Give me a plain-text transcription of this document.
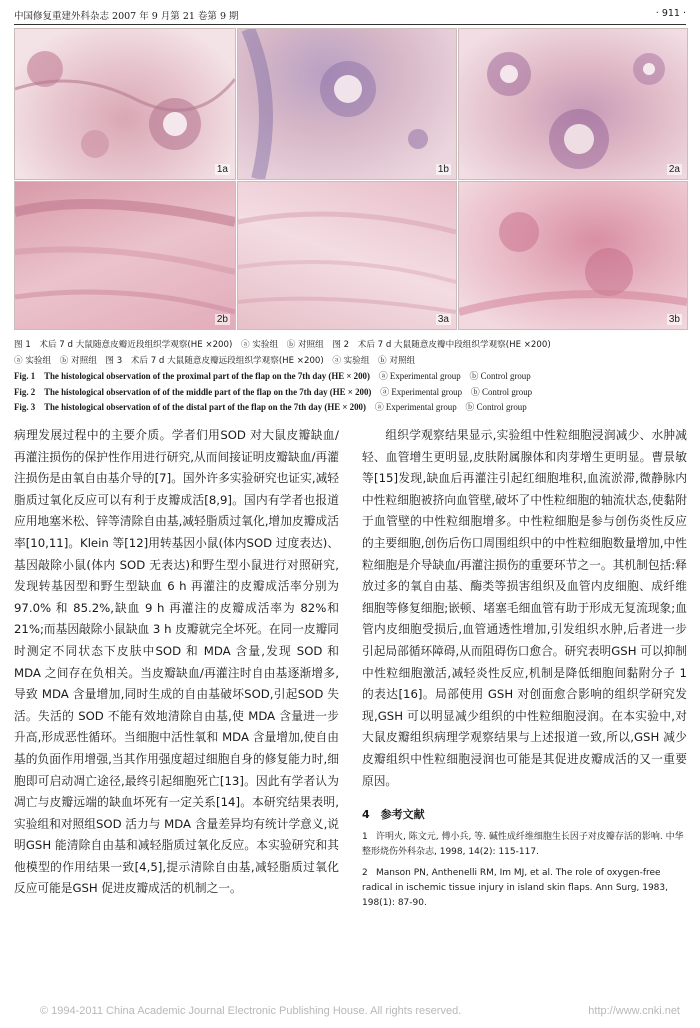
中国修复重建外科杂志 2007 年 9 月第 21 卷第 9 期	· 911 ·
1a	1b	2a
2b	3a	3b
图 1　术后 7 d 大鼠随意皮瓣近段组织学观察(HE ×200)　ⓐ 实验组　ⓑ 对照组　图 2　术后 7 d 大鼠随意皮瓣中段组织学观察(HE ×200)
ⓐ 实验组　ⓑ 对照组　图 3　术后 7 d 大鼠随意皮瓣远段组织学观察(HE ×200)　ⓐ 实验组　ⓑ 对照组
Fig. 1　The histological observation of the proximal part of the flap on the 7th day (HE × 200)　 ⓐ Experimental group　ⓑ Control group
Fig. 2　The histological observation of of the middle part of the flap on the 7th day (HE × 200)　 ⓐ Experimental group　ⓑ Control group
Fig. 3　The histological observation of of the distal part of the flap on the 7th day (HE × 200)　 ⓐ Experimental group　ⓑ Control group

病理发展过程中的主要介质。学者们用SOD 对大鼠皮瓣缺血/再灌注损伤的保护性作用进行研究,从而间接证明皮瓣缺血/再灌注损伤是由氧自由基介导的[7]。国外许多实验研究也证实,减轻脂质过氧化反应可以有利于皮瓣成活[8,9]。国内有学者也报道应用地塞米松、锌等清除自由基,减轻脂质过氧化,增加皮瓣成活率[10,11]。Klein 等[12]用转基因小鼠(体内SOD 过度表达)、基因敲除小鼠(体内 SOD 无表达)和野生型小鼠进行对照研究,发现转基因型和野生型缺血 6 h 再灌注的皮瓣成活率分别为 97.0% 和 85.2%,缺血 9 h 再灌注的皮瓣成活率为 82%和 21%;而基因敲除小鼠缺血 3 h 皮瓣就完全坏死。在同一皮瓣同时测定不同状态下皮肤中SOD 和 MDA 含量,发现 SOD 和 MDA 之间存在负相关。当皮瓣缺血/再灌注时自由基逐渐增多,导致 MDA 含量增加,同时生成的自由基破坏SOD,引起SOD 失活。失活的 SOD 不能有效地清除自由基,使 MDA 含量进一步升高,形成恶性循环。当细胞中活性氧和 MDA 含量增加,使自由基的负面作用增强,当其作用强度超过细胞自身的修复能力时,细胞即可启动凋亡途径,最终引起细胞死亡[13]。因此有学者认为凋亡与皮瓣远端的缺血坏死有一定关系[14]。本研究结果表明,实验组和对照组SOD 活力与 MDA 含量差异均有统计学意义,说明GSH 能清除自由基和减轻脂质过氧化反应。本实验研究和其他模型的作用结果一致[4,5],提示清除自由基,减轻脂质过氧化反应可能是GSH 促进皮瓣成活的机制之一。

组织学观察结果显示,实验组中性粒细胞浸润减少、水肿减轻、血管增生更明显,皮肤附属腺体和肉芽增生更明显。曹景敏等[15]发现,缺血后再灌注引起红细胞堆积,血流淤滞,微静脉内中性粒细胞被挤向血管壁,破坏了中性粒细胞的轴流状态,使黏附于血管壁的中性粒细胞增多。中性粒细胞是参与创伤炎性反应的主要细胞,创伤后伤口周围组织中的中性粒细胞数量增加,中性粒细胞是介导缺血/再灌注损伤的重要环节之一。其机制包括:释放过多的氧自由基、酶类等损害组织及血管内皮细胞、成纤维细胞等修复细胞;嵌顿、堵塞毛细血管有助于形成无复流现象;血管内皮细胞受损后,血管通透性增加,引发组织水肿,后者进一步引起局部循环障碍,从而阻碍伤口愈合。研究表明GSH 可以抑制中性粒细胞激活,减轻炎性反应,机制是降低细胞间黏附分子 1 的表达[16]。局部使用 GSH 对创面愈合影响的组织学研究发现,GSH 可以明显减少组织的中性粒细胞浸润。在本实验中,对大鼠皮瓣组织病理学观察结果与上述报道一致,所以,GSH 减少皮瓣组织中性粒细胞浸润也可能是其促进皮瓣成活的又一重要原因。

4　参考文献
1 许明火, 陈文元, 傅小兵, 等. 碱性成纤维细胞生长因子对皮瓣存活的影响. 中华整形烧伤外科杂志, 1998, 14(2): 115-117.
2 Manson PN, Anthenelli RM, Im MJ, et al. The role of oxygen-free radical in ischemic tissue injury in island skin flaps. Ann Surg, 1983, 198(1): 87-90.
© 1994-2011 China Academic Journal Electronic Publishing House. All rights reserved.	http://www.cnki.net
